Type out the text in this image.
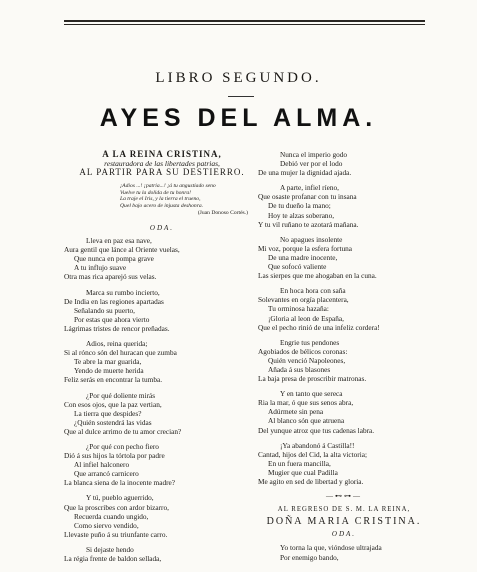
LIBRO SEGUNDO.
AYES DEL ALMA.
A LA REINA CRISTINA,
restauradora de las libertades patrias,
AL PARTIR PARA SU DESTIERRO.
¡Adios ...! ¡patria...! ¡á tu angustiado seno
Vuelve tu la dolida de tu honra!
La traje el Iris, y la tierra el trueno,
Quel bajo acero de injusta deshonra.
(Juan Donoso Cortés.)
ODA.
Lleva en paz esa nave,
Aura gentil que lánce al Oriente vuelas,
Que nunca en pompa grave
A tu influjo suave
Otra mas rica aparejó sus velas.
Marca su rumbo incierto,
De India en las regiones apartadas
Señalando su puerto,
Por estas que ahora vierto
Lágrimas tristes de rencor preñadas.
Adios, reina querida;
Si al rónco són del huracan que zumba
Te abre la mar guarida,
Yendo de muerte herida
Feliz serás en encontrar la tumba.
¿Por qué doliente mirás
Con esos ojos, que la paz vertian,
La tierra que despides?
¿Quién sostendrá las vidas
Que al dulce arrimo de tu amor crecian?
¿Por qué con pecho fiero
Dió á sus hijos la tórtola por padre
Al infiel halconero
Que arrancó carnicero
La blanca siena de la inocente madre?
Y tú, pueblo aguerrido,
Que la proscribes con ardor bizarro,
Recuerda cuando ungido,
Como siervo vendido,
Llevaste puño á su triunfante carro.
Si dejaste hendo
La régia frente de baldon sellada,
Nunca el imperio godo
Debió ver por el lodo
De una mujer la dignidad ajada.
A parte, infiel ríeno,
Que osaste profanar con tu insana
De tu dueño la mano;
Hoy te alzas soberano,
Y tu vil ruñano te azotará mañana.
No apagues insolente
Mi voz, porque la esfera fortuna
De una madre inocente,
Que sofocó valiente
Las sierpes que me ahogaban en la cuna.
En hoca hora con saña
Solevantes en orgía placentera,
Tu orminosa hazaña:
¡Gloria al leon de España,
Que el pecho rinió de una infeliz cordera!
Engrie tus pendones
Agobiados de bélicos coronas:
Quién venció Napoleones,
Añada á sus blasones
La baja presa de proscribir matronas.
Y en tanto que sereca
Ria la mar, ó que sus senos abra,
Adúrmete sin pena
Al blanco són que atruena
Del yunque atroz que tus cadenas labra.
¡Ya abandonó á Castilla!!
Cantad, hijos del Cid, la alta victoria;
En un fuera mancilla,
Mugier que cual Padilla
Me agito en sed de libertad y gloria.
—⊷⊶—
AL REGRESO DE S. M. LA REINA,
DOÑA MARIA CRISTINA.
ODA.
Yo torna la que, vióndose ultrajada
Por enemigo bando,
